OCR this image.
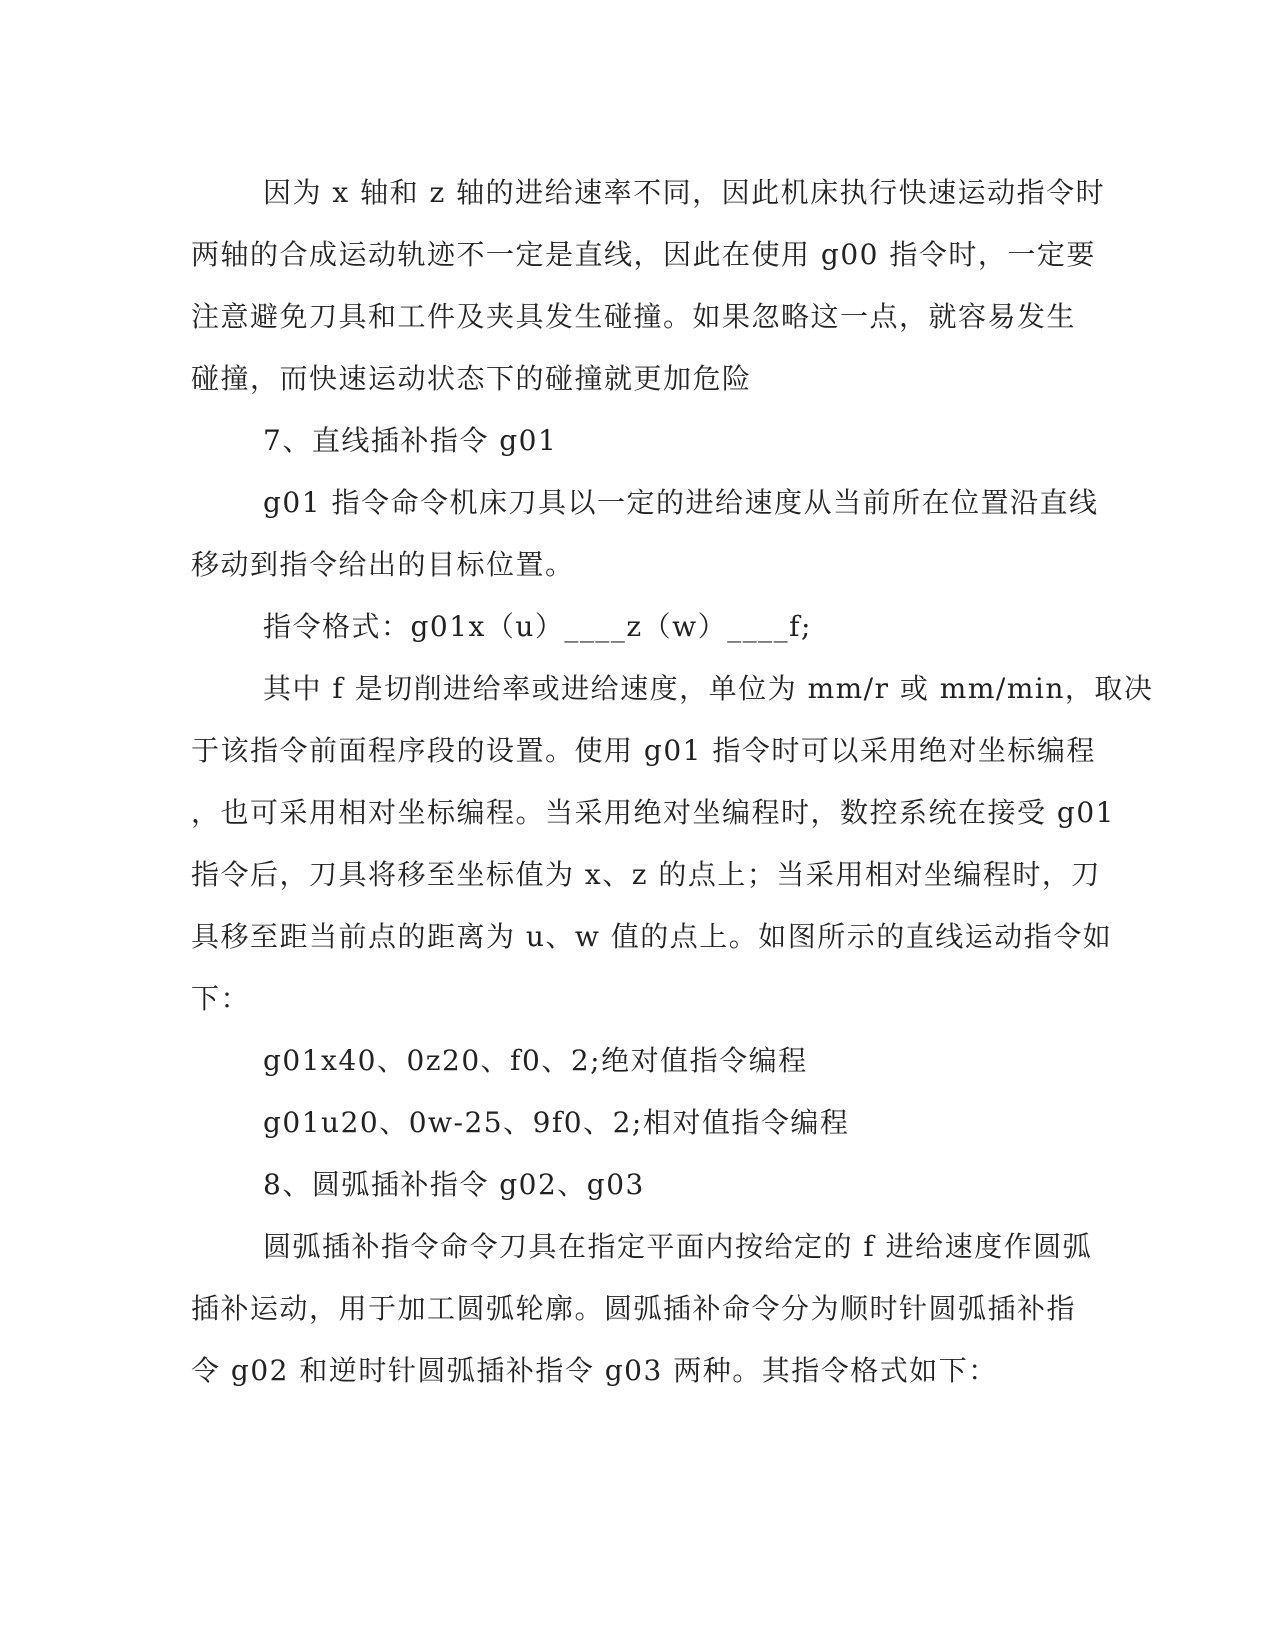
因为 x 轴和 z 轴的进给速率不同，因此机床执行快速运动指令时
两轴的合成运动轨迹不一定是直线，因此在使用 g00 指令时，一定要
注意避免刀具和工件及夹具发生碰撞。如果忽略这一点，就容易发生
碰撞，而快速运动状态下的碰撞就更加危险
7、直线插补指令 g01
g01 指令命令机床刀具以一定的进给速度从当前所在位置沿直线
移动到指令给出的目标位置。
指令格式：g01x（u）____z（w）____f;
其中 f 是切削进给率或进给速度，单位为 mm/r 或 mm/min，取决
于该指令前面程序段的设置。使用 g01 指令时可以采用绝对坐标编程
，也可采用相对坐标编程。当采用绝对坐编程时，数控系统在接受 g01
指令后，刀具将移至坐标值为 x、z 的点上；当采用相对坐编程时，刀
具移至距当前点的距离为 u、w 值的点上。如图所示的直线运动指令如
下：
g01x40、0z20、f0、2;绝对值指令编程
g01u20、0w-25、9f0、2;相对值指令编程
8、圆弧插补指令 g02、g03
圆弧插补指令命令刀具在指定平面内按给定的 f 进给速度作圆弧
插补运动，用于加工圆弧轮廓。圆弧插补命令分为顺时针圆弧插补指
令 g02 和逆时针圆弧插补指令 g03 两种。其指令格式如下：
